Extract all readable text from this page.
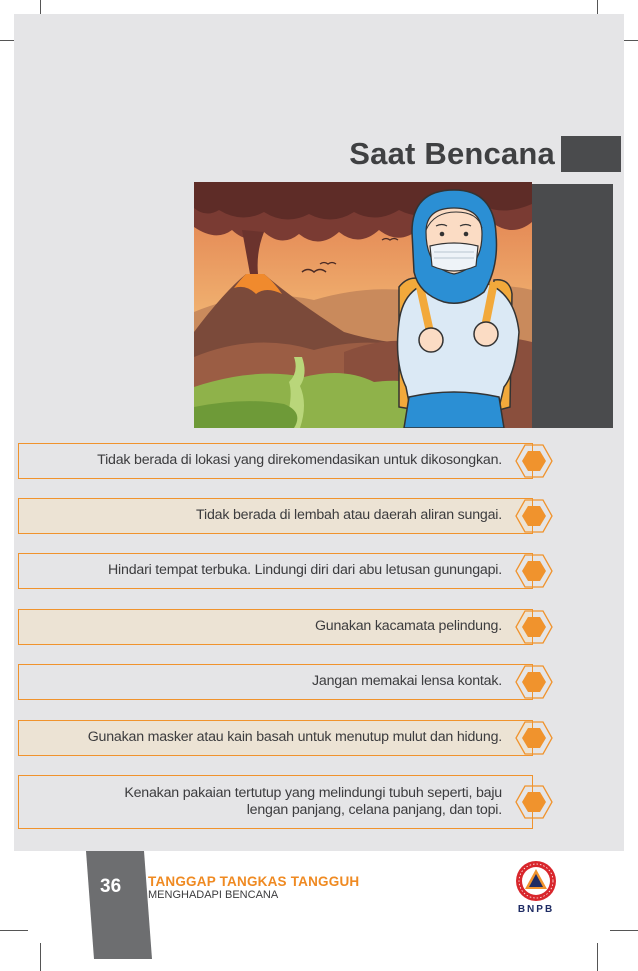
Saat Bencana
Tidak berada di lokasi yang direkomendasikan untuk dikosongkan.
Tidak berada di lembah atau daerah aliran sungai.
Hindari tempat terbuka. Lindungi diri dari abu letusan gunungapi.
Gunakan kacamata pelindung.
Jangan memakai lensa kontak.
Gunakan masker atau kain basah untuk menutup mulut dan hidung.
Kenakan pakaian tertutup yang melindungi tubuh seperti, baju
lengan panjang, celana panjang, dan topi.
36 TANGGAP TANGKAS TANGGUH
MENGHADAPI BENCANA
BNPB
